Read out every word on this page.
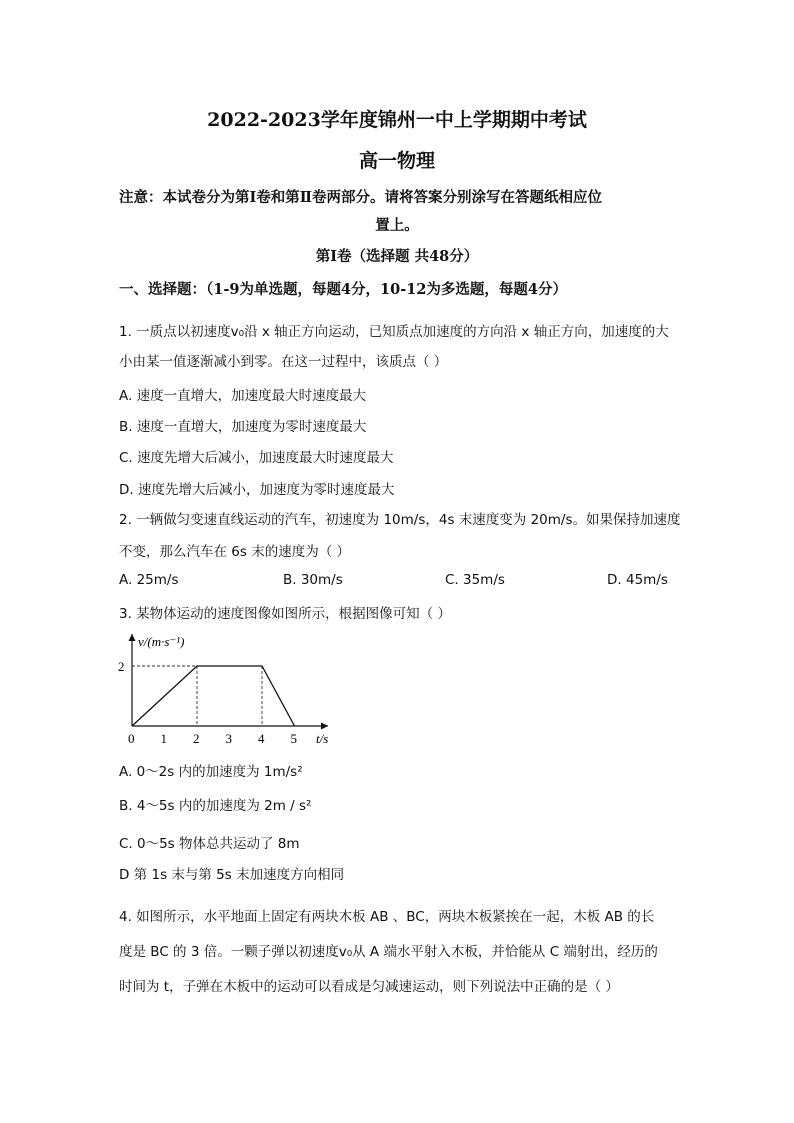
2022-2023学年度锦州一中上学期期中考试
高一物理
注意：本试卷分为第Ⅰ卷和第Ⅱ卷两部分。请将答案分别涂写在答题纸相应位
置上。
第Ⅰ卷（选择题 共48分）
一、选择题：（1-9为单选题，每题4分，10-12为多选题，每题4分）
1. 一质点以初速度v₀沿 x 轴正方向运动，已知质点加速度的方向沿 x 轴正方向，加速度的大
小由某一值逐渐减小到零。在这一过程中，该质点（ ）
A. 速度一直增大，加速度最大时速度最大
B. 速度一直增大，加速度为零时速度最大
C. 速度先增大后减小，加速度最大时速度最大
D. 速度先增大后减小，加速度为零时速度最大
2. 一辆做匀变速直线运动的汽车，初速度为 10m/s，4s 末速度变为 20m/s。如果保持加速度
不变，那么汽车在 6s 末的速度为（ ）
A. 25m/s	B. 30m/s	C. 35m/s	D. 45m/s
3. 某物体运动的速度图像如图所示，根据图像可知（ ）
v/(m·s⁻¹)
t/s
0 1 2 3 4 5
2
A. 0～2s 内的加速度为 1m/s²
B. 4～5s 内的加速度为 2m / s²
C. 0～5s 物体总共运动了 8m
D 第 1s 末与第 5s 末加速度方向相同
4. 如图所示，水平地面上固定有两块木板 AB 、BC，两块木板紧挨在一起，木板 AB 的长
度是 BC 的 3 倍。一颗子弹以初速度v₀从 A 端水平射入木板，并恰能从 C 端射出，经历的
时间为 t，子弹在木板中的运动可以看成是匀减速运动，则下列说法中正确的是（ ）
